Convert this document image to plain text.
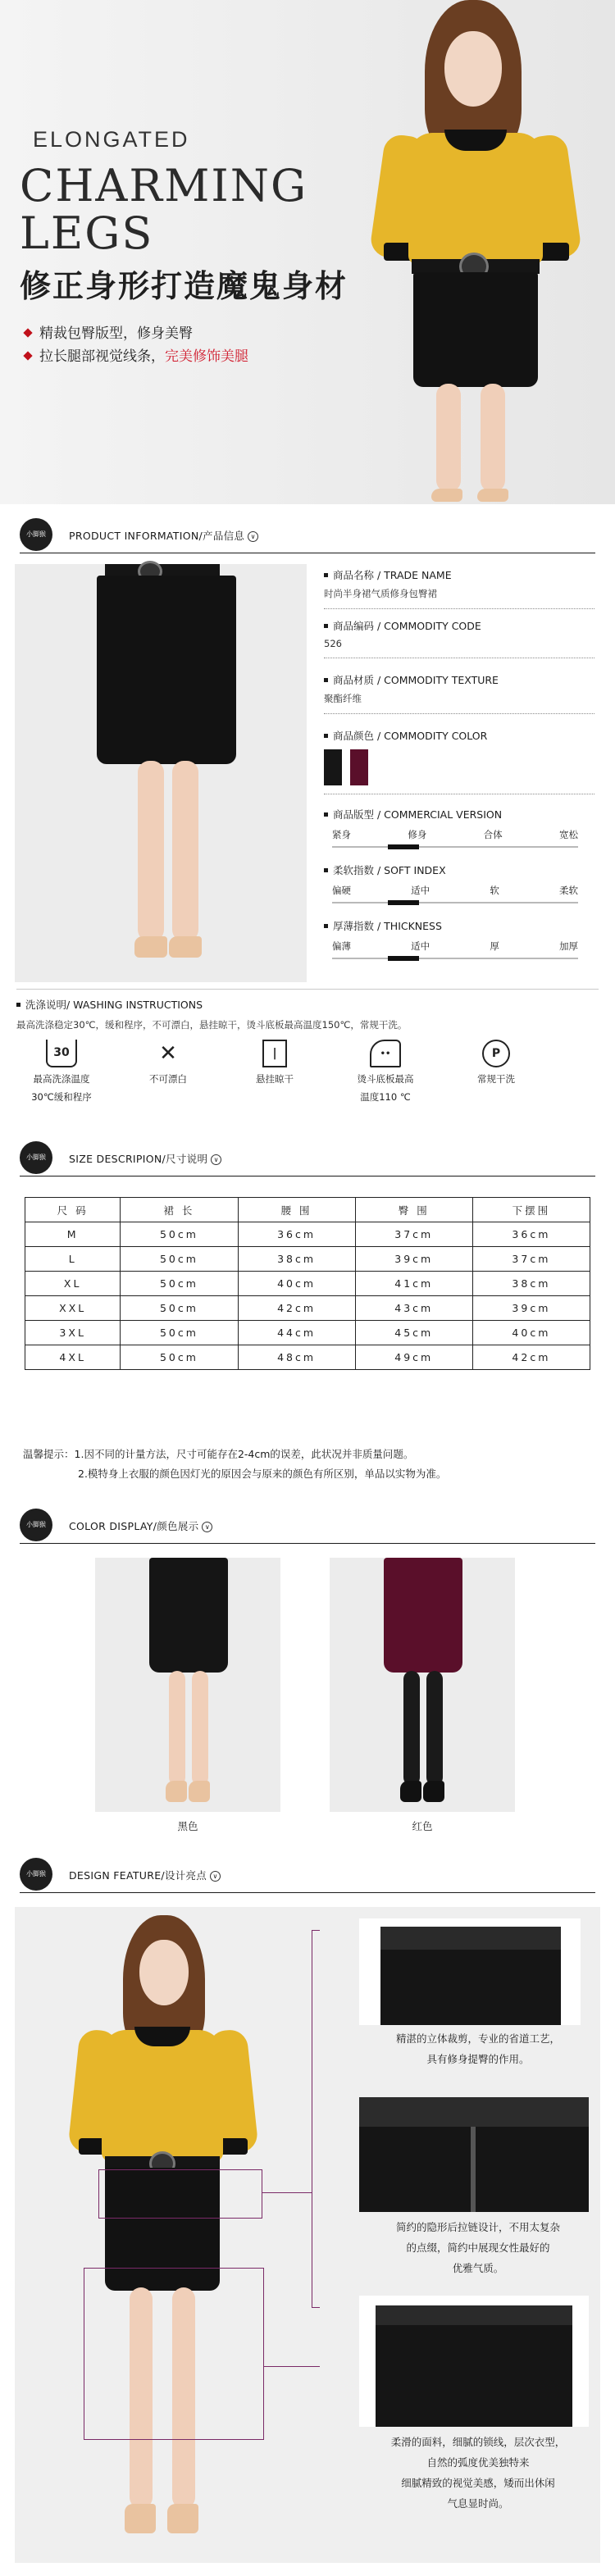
ELONGATED
CHARMING
LEGS
修正身形打造魔鬼身材
精裁包臀版型，修身美臀
拉长腿部视觉线条，完美修饰美腿
小脚猴	PRODUCT INFORMATION/产品信息 ∨
商品名称 / TRADE NAME
时尚半身裙气质修身包臀裙
商品编码 / COMMODITY CODE
526
商品材质 / COMMODITY TEXTURE
聚酯纤维
商品颜色 / COMMODITY COLOR
商品版型 / COMMERCIAL VERSION
紧身	修身	合体	宽松
柔软指数 / SOFT INDEX
偏硬	适中	软	柔软
厚薄指数 / THICKNESS
偏薄	适中	厚	加厚
洗涤说明/ WASHING INSTRUCTIONS
最高洗涤稳定30℃，缓和程序，不可漂白，悬挂晾干，烫斗底板最高温度150℃，常规干洗。
30
最高洗涤温度
30℃缓和程序
✕
不可漂白
|
悬挂晾干
••
烫斗底板最高
温度110 ℃
P
常规干洗
小脚猴	SIZE DESCRIPION/尺寸说明 ∨
尺 码	裙 长	腰 围	臀 围	下摆围
M	50cm	36cm	37cm	36cm
L	50cm	38cm	39cm	37cm
XL	50cm	40cm	41cm	38cm
XXL	50cm	42cm	43cm	39cm
3XL	50cm	44cm	45cm	40cm
4XL	50cm	48cm	49cm	42cm
温馨提示：1.因不同的计量方法，尺寸可能存在2-4cm的误差，此状况并非质量问题。
2.模特身上衣服的颜色因灯光的原因会与原来的颜色有所区别，单品以实物为准。
小脚猴	COLOR DISPLAY/颜色展示 ∨
黑色	红色
小脚猴	DESIGN FEATURE/设计亮点 ∨
精湛的立体裁剪，专业的省道工艺，
具有修身提臀的作用。
简约的隐形后拉链设计，不用太复杂
的点缀，简约中展现女性最好的
优雅气质。
柔滑的面料，细腻的锁线，层次衣型，
自然的弧度优美独特来
细腻精致的视觉美感，矮而出休闲
气息显时尚。
